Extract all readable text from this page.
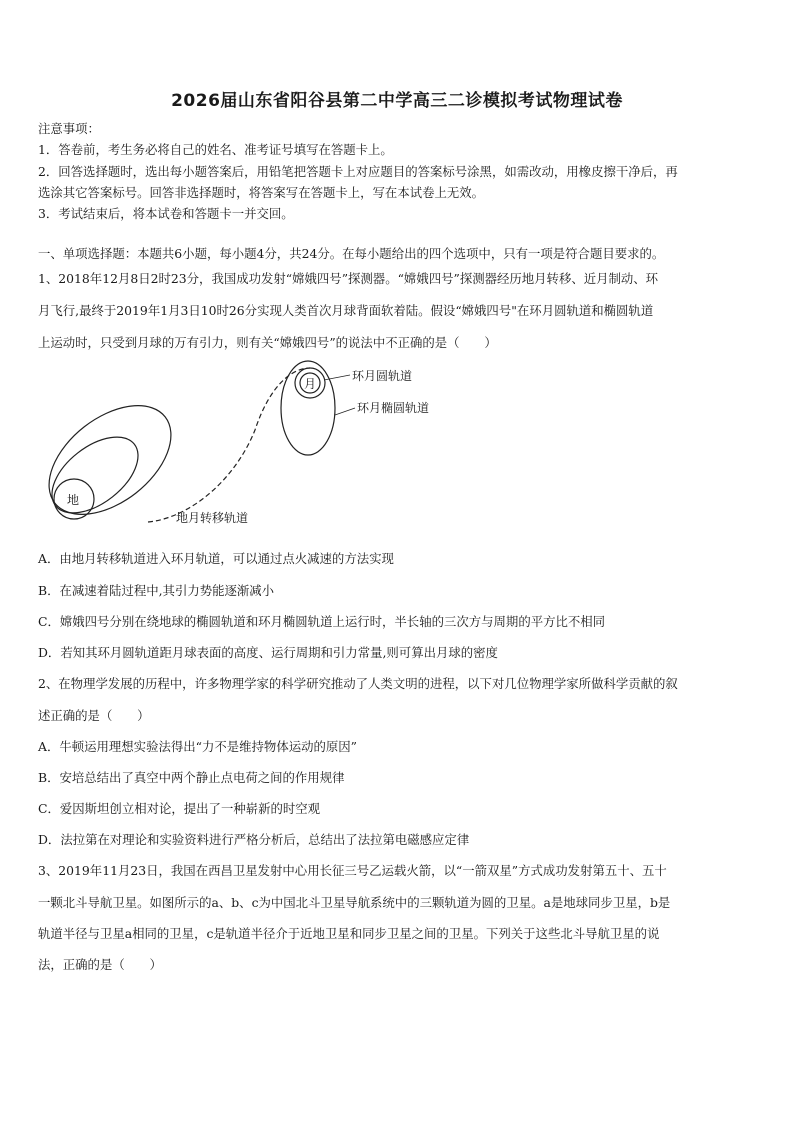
2026届山东省阳谷县第二中学高三二诊模拟考试物理试卷
注意事项：
1．答卷前，考生务必将自己的姓名、准考证号填写在答题卡上。
2．回答选择题时，选出每小题答案后，用铅笔把答题卡上对应题目的答案标号涂黑，如需改动，用橡皮擦干净后，再
选涂其它答案标号。回答非选择题时，将答案写在答题卡上，写在本试卷上无效。
3．考试结束后，将本试卷和答题卡一并交回。
一、单项选择题：本题共6小题，每小题4分，共24分。在每小题给出的四个选项中，只有一项是符合题目要求的。
1、2018年12月8日2时23分，我国成功发射“嫦娥四号”探测器。“嫦娥四号”探测器经历地月转移、近月制动、环
月飞行,最终于2019年1月3日10时26分实现人类首次月球背面软着陆。假设“嫦娥四号"在环月圆轨道和椭圆轨道
上运动时，只受到月球的万有引力，则有关“嫦娥四号”的说法中不正确的是（　　）
地
月
环月圆轨道
环月椭圆轨道
地月转移轨道
A．由地月转移轨道进入环月轨道，可以通过点火减速的方法实现
B．在减速着陆过程中,其引力势能逐渐减小
C．嫦娥四号分别在绕地球的椭圆轨道和环月椭圆轨道上运行时，半长轴的三次方与周期的平方比不相同
D．若知其环月圆轨道距月球表面的高度、运行周期和引力常量,则可算出月球的密度
2、在物理学发展的历程中，许多物理学家的科学研究推动了人类文明的进程，以下对几位物理学家所做科学贡献的叙
述正确的是（　　）
A．牛顿运用理想实验法得出“力不是维持物体运动的原因”
B．安培总结出了真空中两个静止点电荷之间的作用规律
C．爱因斯坦创立相对论，提出了一种崭新的时空观
D．法拉第在对理论和实验资料进行严格分析后，总结出了法拉第电磁感应定律
3、2019年11月23日，我国在西昌卫星发射中心用长征三号乙运载火箭，以“一箭双星”方式成功发射第五十、五十
一颗北斗导航卫星。如图所示的a、b、c为中国北斗卫星导航系统中的三颗轨道为圆的卫星。a是地球同步卫星，b是
轨道半径与卫星a相同的卫星，c是轨道半径介于近地卫星和同步卫星之间的卫星。下列关于这些北斗导航卫星的说
法，正确的是（　　）
